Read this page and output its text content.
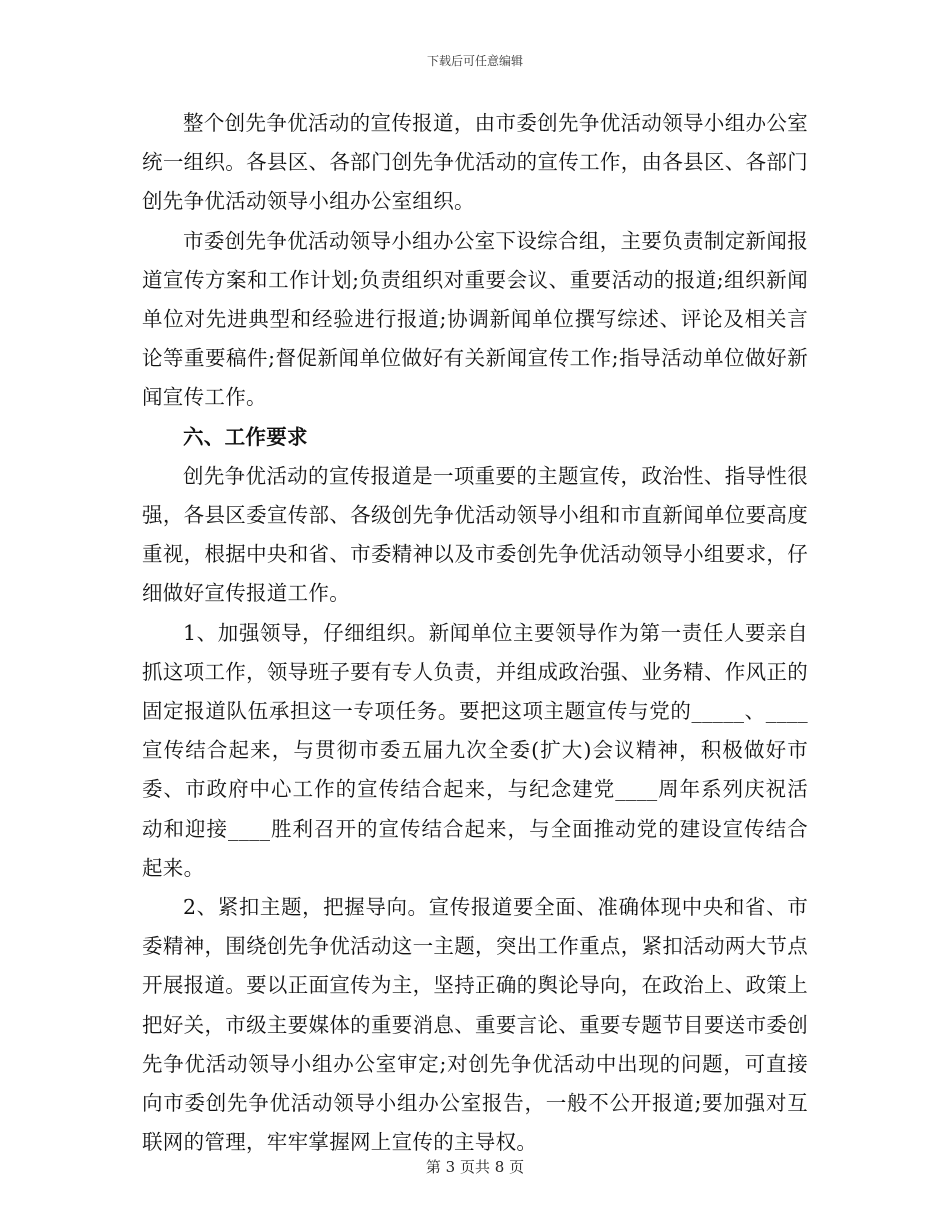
下载后可任意编辑

整个创先争优活动的宣传报道，由市委创先争优活动领导小组办公室统一组织。各县区、各部门创先争优活动的宣传工作，由各县区、各部门创先争优活动领导小组办公室组织。

市委创先争优活动领导小组办公室下设综合组，主要负责制定新闻报道宣传方案和工作计划;负责组织对重要会议、重要活动的报道;组织新闻单位对先进典型和经验进行报道;协调新闻单位撰写综述、评论及相关言论等重要稿件;督促新闻单位做好有关新闻宣传工作;指导活动单位做好新闻宣传工作。

六、工作要求

创先争优活动的宣传报道是一项重要的主题宣传，政治性、指导性很强，各县区委宣传部、各级创先争优活动领导小组和市直新闻单位要高度重视，根据中央和省、市委精神以及市委创先争优活动领导小组要求，仔细做好宣传报道工作。

1、加强领导，仔细组织。新闻单位主要领导作为第一责任人要亲自抓这项工作，领导班子要有专人负责，并组成政治强、业务精、作风正的固定报道队伍承担这一专项任务。要把这项主题宣传与党的_____、____宣传结合起来，与贯彻市委五届九次全委(扩大)会议精神，积极做好市委、市政府中心工作的宣传结合起来，与纪念建党____周年系列庆祝活动和迎接____胜利召开的宣传结合起来，与全面推动党的建设宣传结合起来。

2、紧扣主题，把握导向。宣传报道要全面、准确体现中央和省、市委精神，围绕创先争优活动这一主题，突出工作重点，紧扣活动两大节点开展报道。要以正面宣传为主，坚持正确的舆论导向，在政治上、政策上把好关，市级主要媒体的重要消息、重要言论、重要专题节目要送市委创先争优活动领导小组办公室审定;对创先争优活动中出现的问题，可直接向市委创先争优活动领导小组办公室报告，一般不公开报道;要加强对互联网的管理，牢牢掌握网上宣传的主导权。

第 3 页共 8 页
